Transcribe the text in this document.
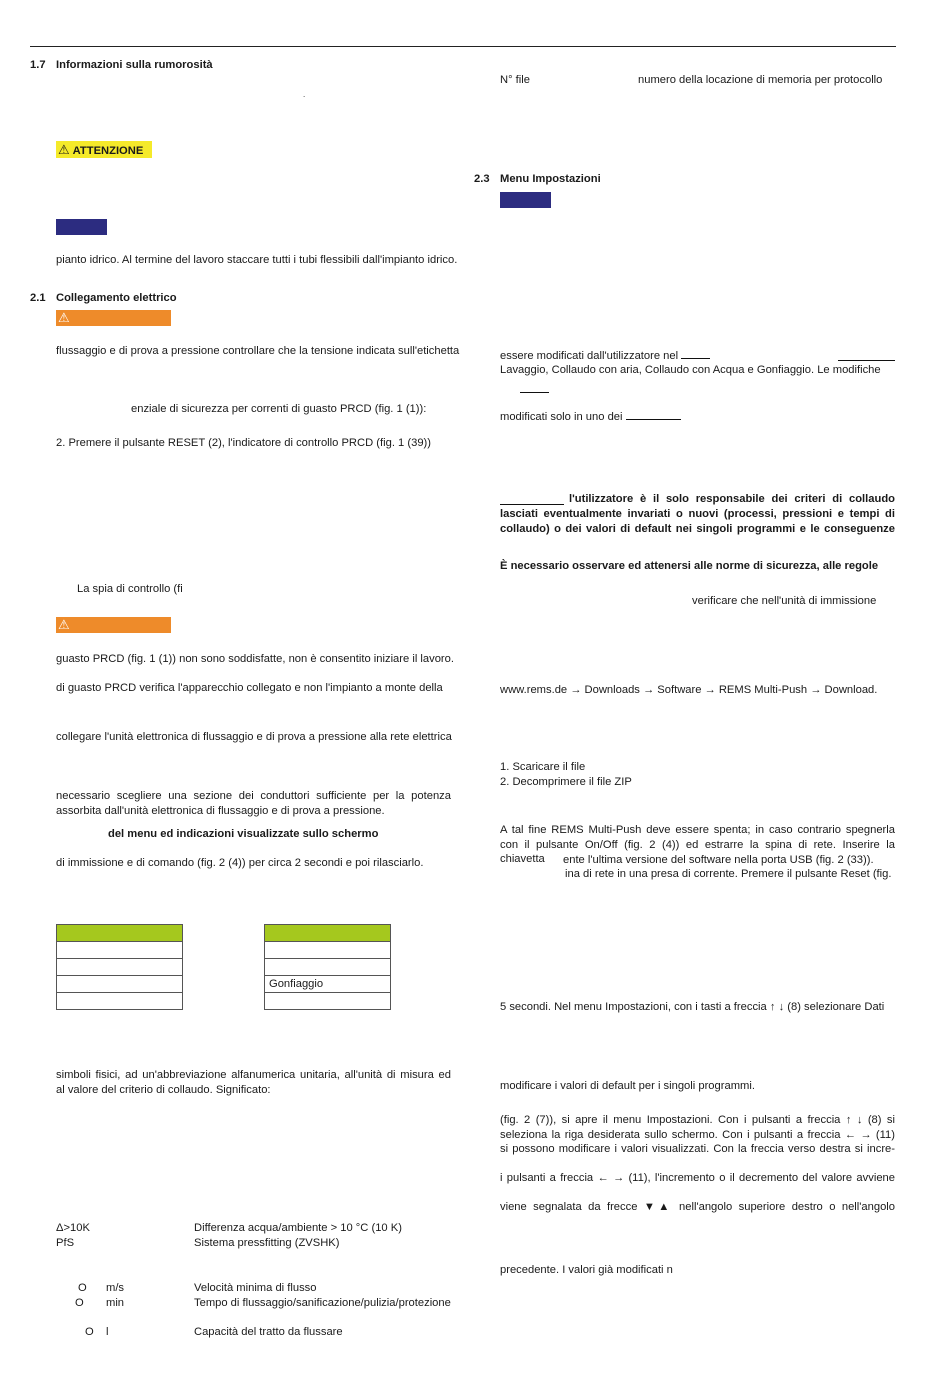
1.7 Informazioni sulla rumorosità
.
⚠ ATTENZIONE
pianto idrico. Al termine del lavoro staccare tutti i tubi flessibili dall'impianto idrico.
2.1 Collegamento elettrico
⚠
flussaggio e di prova a pressione controllare che la tensione indicata sull'etichetta
enziale di sicurezza per correnti di guasto PRCD (fig. 1 (1)):
2. Premere il pulsante RESET (2), l'indicatore di controllo PRCD (fig. 1 (39))
La spia di controllo (fi
⚠
guasto PRCD (fig. 1 (1)) non sono soddisfatte, non è consentito iniziare il lavoro.
di guasto PRCD verifica l'apparecchio collegato e non l'impianto a monte della
collegare l'unità elettronica di flussaggio e di prova a pressione alla rete elettrica
necessario scegliere una sezione dei conduttori sufficiente per la potenza
assorbita dall'unità elettronica di flussaggio e di prova a pressione.
del menu ed indicazioni visualizzate sullo schermo
di immissione e di comando (fig. 2 (4)) per circa 2 secondi e poi rilasciarlo.

Gonfiaggio

simboli fisici, ad un'abbreviazione alfanumerica unitaria, all'unità di misura ed
al valore del criterio di collaudo. Significato:
Δ>10K	Differenza acqua/ambiente > 10 °C (10 K)
PfS	Sistema pressfitting (ZVSHK)
O m/s	Velocità minima di flusso
O min	Tempo di flussaggio/sanificazione/pulizia/protezione
O l	Capacità del tratto da flussare
N° file	numero della locazione di memoria per protocollo
2.3 Menu Impostazioni
essere modificati dall'utilizzatore nel
Lavaggio, Collaudo con aria, Collaudo con Acqua e Gonfiaggio. Le modifiche
modificati solo in uno dei
l'utilizzatore è il solo responsabile dei criteri di collaudo
lasciati eventualmente invariati o nuovi (processi, pressioni e tempi di
collaudo) o dei valori di default nei singoli programmi e le conseguenze
È necessario osservare ed attenersi alle norme di sicurezza, alle regole
verificare che nell'unità di immissione
www.rems.de → Downloads → Software → REMS Multi-Push → Download.
1. Scaricare il file
2. Decomprimere il file ZIP
A tal fine REMS Multi-Push deve essere spenta; in caso contrario spegnerla
con il pulsante On/Off (fig. 2 (4)) ed estrarre la spina di rete. Inserire la chiavetta	ente l'ultima versione del software nella porta USB (fig. 2 (33)).
ina di rete in una presa di corrente. Premere il pulsante Reset (fig.
5 secondi. Nel menu Impostazioni, con i tasti a freccia ↑ ↓ (8) selezionare Dati
modificare i valori di default per i singoli programmi.
(fig. 2 (7)), si apre il menu Impostazioni. Con i pulsanti a freccia ↑ ↓ (8) si
seleziona la riga desiderata sullo schermo. Con i pulsanti a freccia ← → (11)
si possono modificare i valori visualizzati. Con la freccia verso destra si incre-
i pulsanti a freccia ← → (11), l'incremento o il decremento del valore avviene
viene segnalata da frecce ▼▲ nell'angolo superiore destro o nell'angolo
precedente. I valori già modificati n
